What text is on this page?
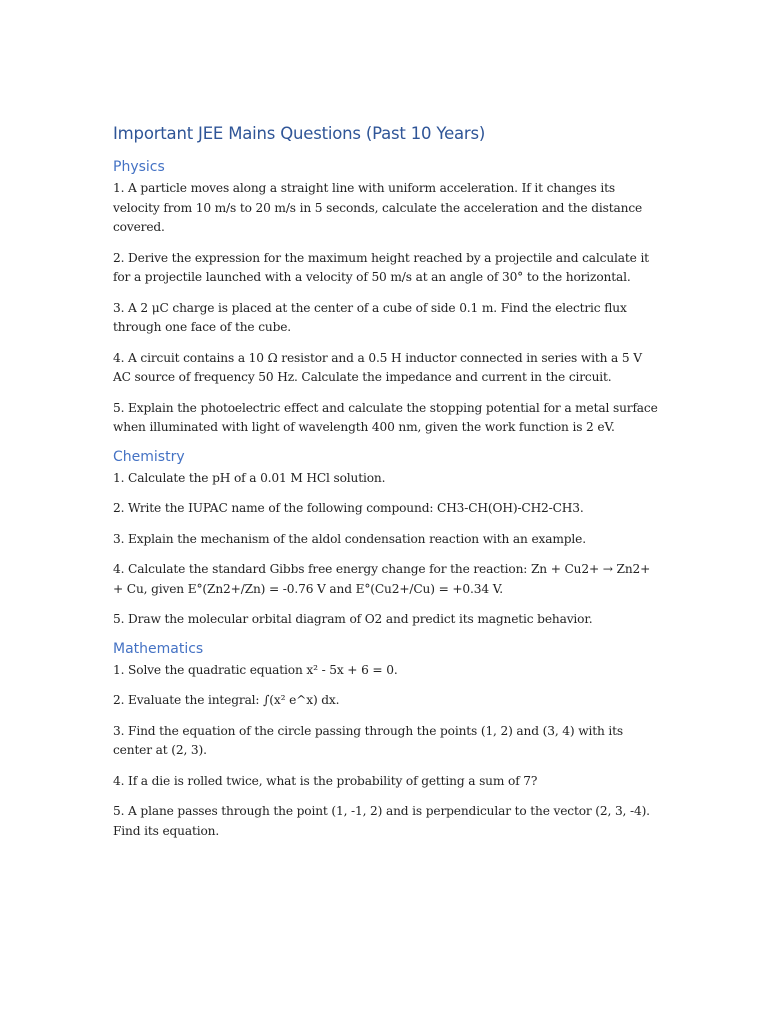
Important JEE Mains Questions (Past 10 Years)
Physics

1. A particle moves along a straight line with uniform acceleration. If it changes its velocity from 10 m/s to 20 m/s in 5 seconds, calculate the acceleration and the distance covered.

2. Derive the expression for the maximum height reached by a projectile and calculate it for a projectile launched with a velocity of 50 m/s at an angle of 30° to the horizontal.

3. A 2 μC charge is placed at the center of a cube of side 0.1 m. Find the electric flux through one face of the cube.

4. A circuit contains a 10 Ω resistor and a 0.5 H inductor connected in series with a 5 V AC source of frequency 50 Hz. Calculate the impedance and current in the circuit.

5. Explain the photoelectric effect and calculate the stopping potential for a metal surface when illuminated with light of wavelength 400 nm, given the work function is 2 eV.

Chemistry

1. Calculate the pH of a 0.01 M HCl solution.

2. Write the IUPAC name of the following compound: CH3-CH(OH)-CH2-CH3.

3. Explain the mechanism of the aldol condensation reaction with an example.

4. Calculate the standard Gibbs free energy change for the reaction: Zn + Cu2+ → Zn2+ + Cu, given E°(Zn2+/Zn) = -0.76 V and E°(Cu2+/Cu) = +0.34 V.

5. Draw the molecular orbital diagram of O2 and predict its magnetic behavior.

Mathematics

1. Solve the quadratic equation x² - 5x + 6 = 0.

2. Evaluate the integral: ∫(x² e^x) dx.

3. Find the equation of the circle passing through the points (1, 2) and (3, 4) with its center at (2, 3).

4. If a die is rolled twice, what is the probability of getting a sum of 7?

5. A plane passes through the point (1, -1, 2) and is perpendicular to the vector (2, 3, -4). Find its equation.
